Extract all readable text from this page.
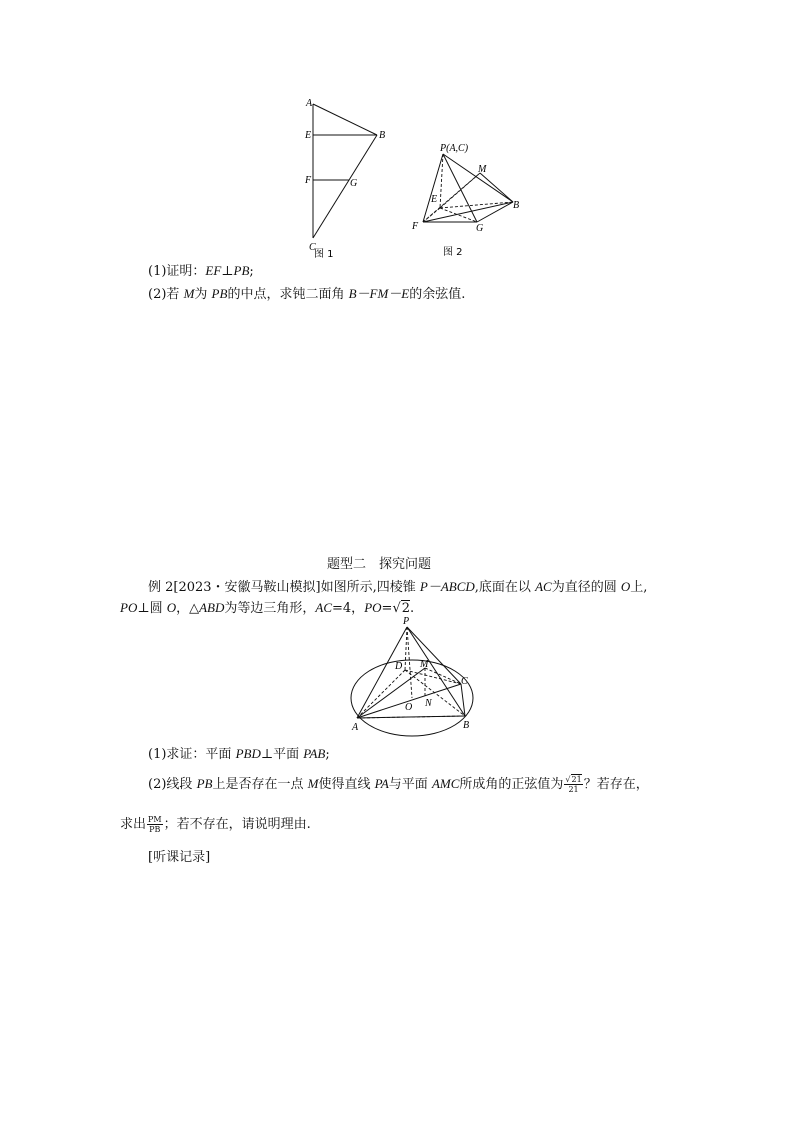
A
E	B
F	G
C
图 1
P(A,C)
M
E
B
F	G
图 2
(1)证明：EF⊥PB;
(2)若 M为 PB的中点，求钝二面角 B－FM－E的余弦值.
题型二　探究问题
例 2[2023・安徽马鞍山模拟]如图所示,四棱锥 P－ABCD,底面在以 AC为直径的圆 O上,
PO⊥圆 O，△ABD为等边三角形，AC=4，PO=√2.
P
D M
C
O N
A	B
(1)求证：平面 PBD⊥平面 PAB;
(2)线段 PB上是否存在一点 M使得直线 PA与平面 AMC所成角的正弦值为 $\frac{√21}{21}$ ？若存在，
求出 $\frac{PM}{PB}$ ；若不存在，请说明理由.
[听课记录]
